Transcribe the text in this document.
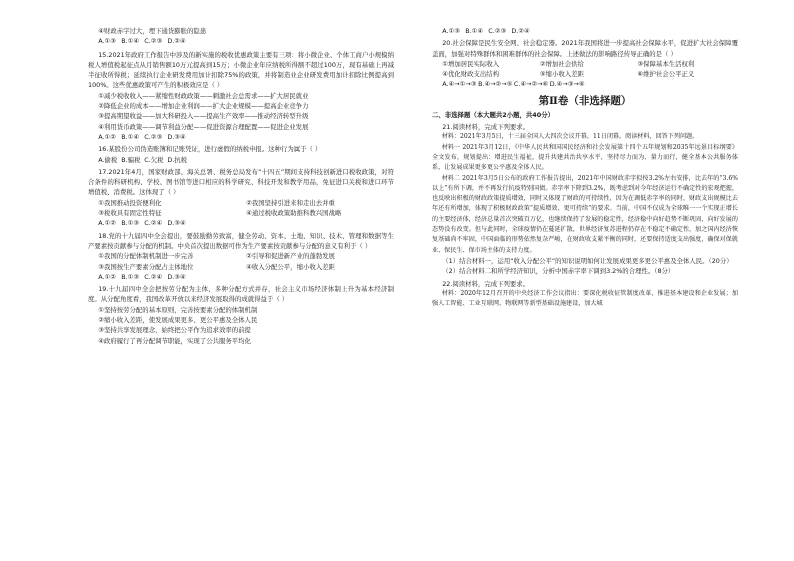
④财政赤字过大，埋下通货膨胀的隐患

A.①③ B.①④ C.②③ D.②④

15.2021年政府工作报告中涉及的新实施的税收优惠政策主要有三项：将小微企业、个体工商户小规模纳税人增值税起征点从月销售额10万元提高到15万；小微企业年应纳税所得额不超过100万，现有基础上再减半征收所得税；延续执行企业研发费用加计扣除75%的政策，并将制造业企业研发费用加计扣除比例提高到100%。这些优惠政策可产生的积极效应是（ ）

①减少税收收入——紧缩性财政政策——刺激社会总需求——扩大居民就业

②降低企业的成本——增加企业利润——扩大企业规模——提高企业竞争力

③提高期望收益——加大科研投入——提高生产效率——推动经济转型升级

④利用货币政策——调节利益分配——促进资源合理配置——促进企业发展

A.①② B.①④ C.②③ D.③④

16.某股份公司伪造账簿和记账凭证，进行虚假的纳税申报。这种行为属于（ ）

A.偷税 B.骗税 C.欠税 D.抗税

17.2021年4月，国家财政部、海关总署、税务总局发布“十四五”期间支持科技创新进口税收政策，对符合条件的科研机构、学校、图书馆等进口相应的科学研究、科技开发和教学用品，免征进口关税和进口环节增值税、消费税。这体现了（ ）

①我国推动投资便利化	②我国坚持引进来和走出去并重
③税收具有固定性特征	④通过税收政策助推科教兴国战略

A.①② B.①③ C.②④ D.③④

18.党的十九届四中全会提出，要鼓励勤劳致富，健全劳动、资本、土地、知识、技术、管理和数据等生产要素按贡献参与分配的机制。中央首次提出数据可作为生产要素按贡献参与分配的意义有利于（ ）

①我国的分配体制机制进一步完善	②引导和促进新产业的蓬勃发展
③我国按生产要素分配占主体地位	④收入分配公平，缩小收入差距

A.①② B.①③ C.②④ D.③④

19.十九届四中全会把按劳分配为主体、多种分配方式并存，社会主义市场经济体制上升为基本经济制度。从分配角度看，我国改革开放以来经济发展取得的成就得益于（ ）

①坚持按劳分配的基本原则，完善按要素分配的体制机制

②缩小收入差距，使发展成果更多、更公平惠及全体人民

③坚持共享发展理念，始终把公平作为追求效率的前提

④政府履行了再分配调节职能，实现了公共服务平均化

A.①③ B.①④ C.②③ D.②④

20.社会保障是民生安全网、社会稳定器。2021年我国将进一步提高社会保障水平，促进扩大社会保障覆盖面，加强对特殊群体和困难群体的社会保障。上述做法的影响路径传导正确的是（ ）

①增加居民实际收入	②增加社会供给	③保障基本生活权利
④优化财政支出结构	⑤缩小收入差距	⑥维护社会公平正义

A.④→①→③ B.④→②→⑤ C.④→②→⑥D.④→③→⑥

第Ⅱ卷（非选择题）

二、非选择题（本大题共2小题，共40分）

21.阅读材料，完成下列要求。

材料：2021年3月5日，十三届全国人大四次会议开幕，11日闭幕。阅读材料，回答下列问题。

材料一 2021年3月12日，《中华人民共和国国民经济和社会发展第十四个五年规划和2035年远景目标纲要》全文发布，规划提出：增进民生福祉，提升共建共治共享水平，坚持尽力而为、量力而行，健全基本公共服务体系，让发展成果更多更公平惠及全体人民。

材料二 2021年3月5日公布的政府工作报告提出，2021年中国财政赤字拟按3.2%左右安排，比去年的“3.6%以上”有所下调，并不再发行抗疫特别国债。赤字率下降到3.2%，既考虑到对今年经济运行不确定性的宏观把握，也反映出积极的财政政策提质增效，同时又体现了财政的可持续性，因为在调低赤字率的同时，财政支出规模比去年还有所增加，体现了积极财政政策“提质增效、更可持续”的要求。当前，中国不仅成为全球唯一一个实现正增长的主要经济体，经济总量首次突破百万亿，也继续保持了发展的稳定性，经济稳中向好趋势不断巩固，向好发展的态势没有改变。但与此同时，全球疫情仍在蔓延扩散，世界经济复苏进程仍存在不稳定不确定性，加之国内经济恢复基础尚不牢固，中国面临的形势依然复杂严峻，在财政收支紧平衡的同时，还要保持适度支出强度，确保对保就业、保民生、保市场主体的支持力度。

（1）结合材料一，运用“收入分配公平”的知识说明如何让发展成果更多更公平惠及全体人民。（20分）

（2）结合材料二和所学经济知识，分析中国赤字率下调到3.2%的合理性。（8分）

22.阅读材料，完成下列要求。

材料：2020年12月召开的中央经济工作会议指出：要深化税收征管制度改革，推进基本建设和企业发展；加强人工智能、工业互联网、物联网等新型基础设施建设，加大城
